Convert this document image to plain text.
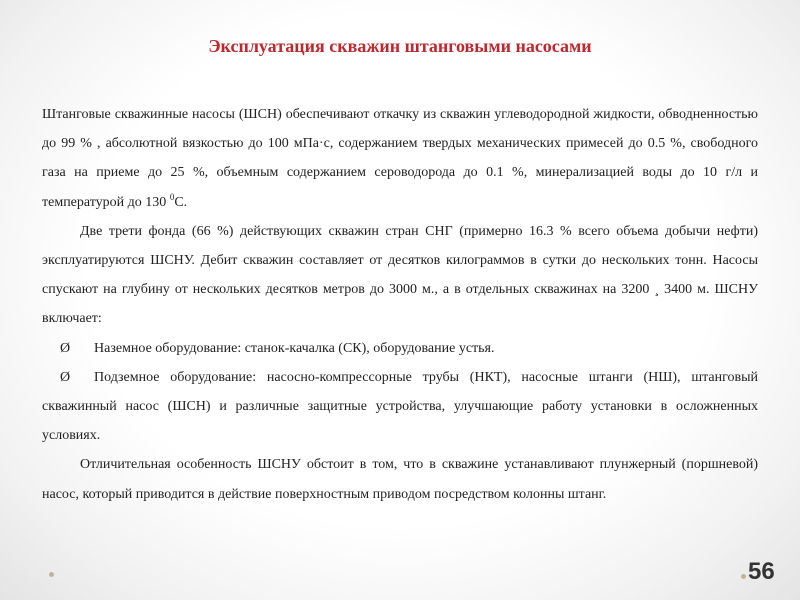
Эксплуатация скважин штанговыми насосами

Штанговые скважинные насосы (ШСН) обеспечивают откачку из скважин углеводородной жидкости, обводненностью до 99 % , абсолютной вязкостью до 100 мПа·с, содержанием твердых механических примесей до 0.5 %, свободного газа на приеме до 25 %, объемным содержанием сероводорода до 0.1 %, минерализацией воды до 10 г/л и температурой до 130 $^0$С.

Две трети фонда (66 %) действующих скважин стран СНГ (примерно 16.3 % всего объема добычи нефти) эксплуатируются ШСНУ. Дебит скважин составляет от десятков килограммов в сутки до нескольких тонн. Насосы спускают на глубину от нескольких десятков метров до 3000 м., а в отдельных скважинах на 3200 ¸ 3400 м. ШСНУ включает:

Ø Наземное оборудование: станок-качалка (СК), оборудование устья.

Ø Подземное оборудование: насосно-компрессорные трубы (НКТ), насосные штанги (НШ), штанговый скважинный насос (ШСН) и различные защитные устройства, улучшающие работу установки в осложненных условиях.

Отличительная особенность ШСНУ обстоит в том, что в скважине устанавливают плунжерный (поршневой) насос, который приводится в действие поверхностным приводом посредством колонны штанг.

56
